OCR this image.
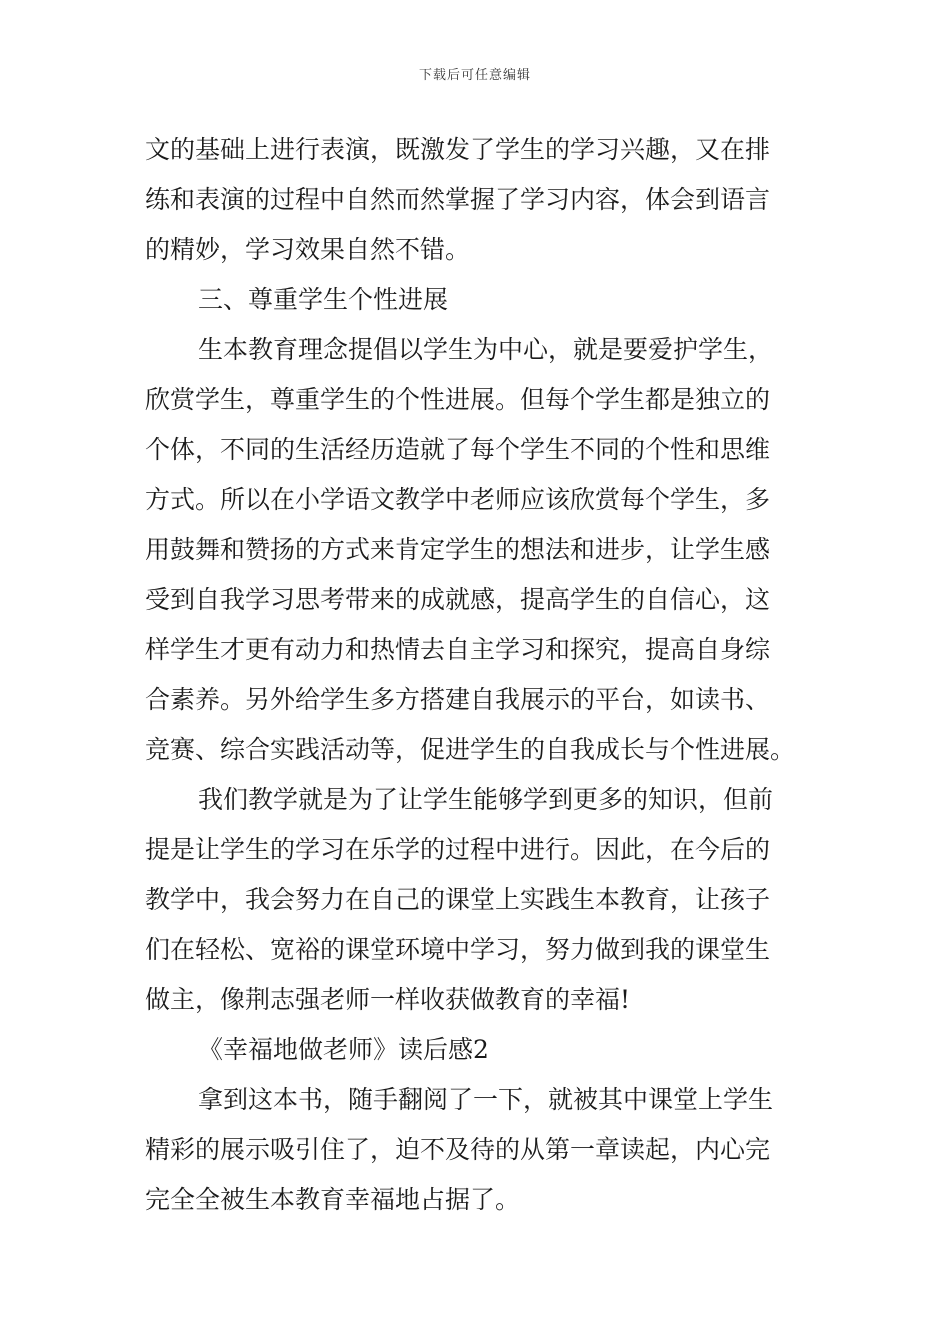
下载后可任意编辑
文的基础上进行表演，既激发了学生的学习兴趣，又在排
练和表演的过程中自然而然掌握了学习内容，体会到语言
的精妙，学习效果自然不错。
三、尊重学生个性进展
生本教育理念提倡以学生为中心，就是要爱护学生，
欣赏学生，尊重学生的个性进展。但每个学生都是独立的
个体，不同的生活经历造就了每个学生不同的个性和思维
方式。所以在小学语文教学中老师应该欣赏每个学生，多
用鼓舞和赞扬的方式来肯定学生的想法和进步，让学生感
受到自我学习思考带来的成就感，提高学生的自信心，这
样学生才更有动力和热情去自主学习和探究，提高自身综
合素养。另外给学生多方搭建自我展示的平台，如读书、
竞赛、综合实践活动等，促进学生的自我成长与个性进展。
我们教学就是为了让学生能够学到更多的知识，但前
提是让学生的学习在乐学的过程中进行。因此，在今后的
教学中，我会努力在自己的课堂上实践生本教育，让孩子
们在轻松、宽裕的课堂环境中学习，努力做到我的课堂生
做主，像荆志强老师一样收获做教育的幸福!
《幸福地做老师》读后感2
拿到这本书，随手翻阅了一下，就被其中课堂上学生
精彩的展示吸引住了，迫不及待的从第一章读起，内心完
完全全被生本教育幸福地占据了。
